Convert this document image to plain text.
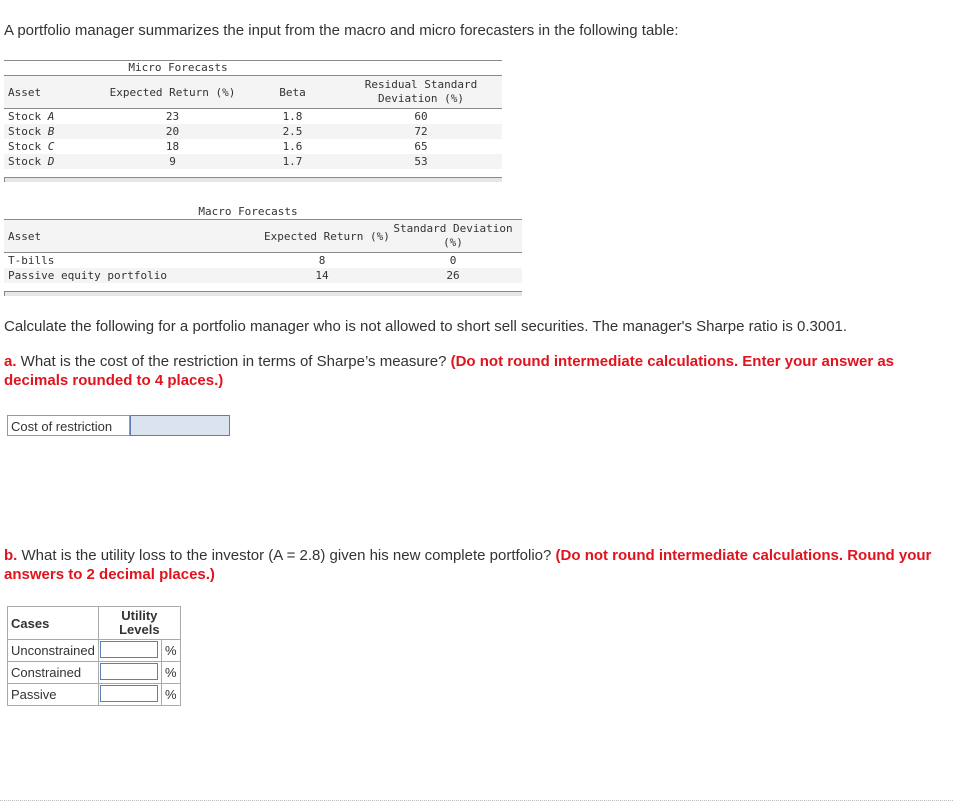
A portfolio manager summarizes the input from the macro and micro forecasters in the following table:
Micro Forecasts
Asset	Expected Return (%)	Beta	Residual Standard
Deviation (%)

Stock A	23	1.8	60
Stock B	20	2.5	72
Stock C	18	1.6	65
Stock D	9	1.7	53
Macro Forecasts
Asset	Expected Return (%)	Standard Deviation
(%)

T-bills	8	0
Passive equity portfolio	14	26
Calculate the following for a portfolio manager who is not allowed to short sell securities. The manager's Sharpe ratio is 0.3001.
a. What is the cost of the restriction in terms of Sharpe’s measure? (Do not round intermediate calculations. Enter your answer as decimals rounded to 4 places.)
Cost of restriction
b. What is the utility loss to the investor (A = 2.8) given his new complete portfolio? (Do not round intermediate calculations. Round your answers to 2 decimal places.)
Cases	Utility
Levels	

Unconstrained		%
Constrained		%
Passive		%
